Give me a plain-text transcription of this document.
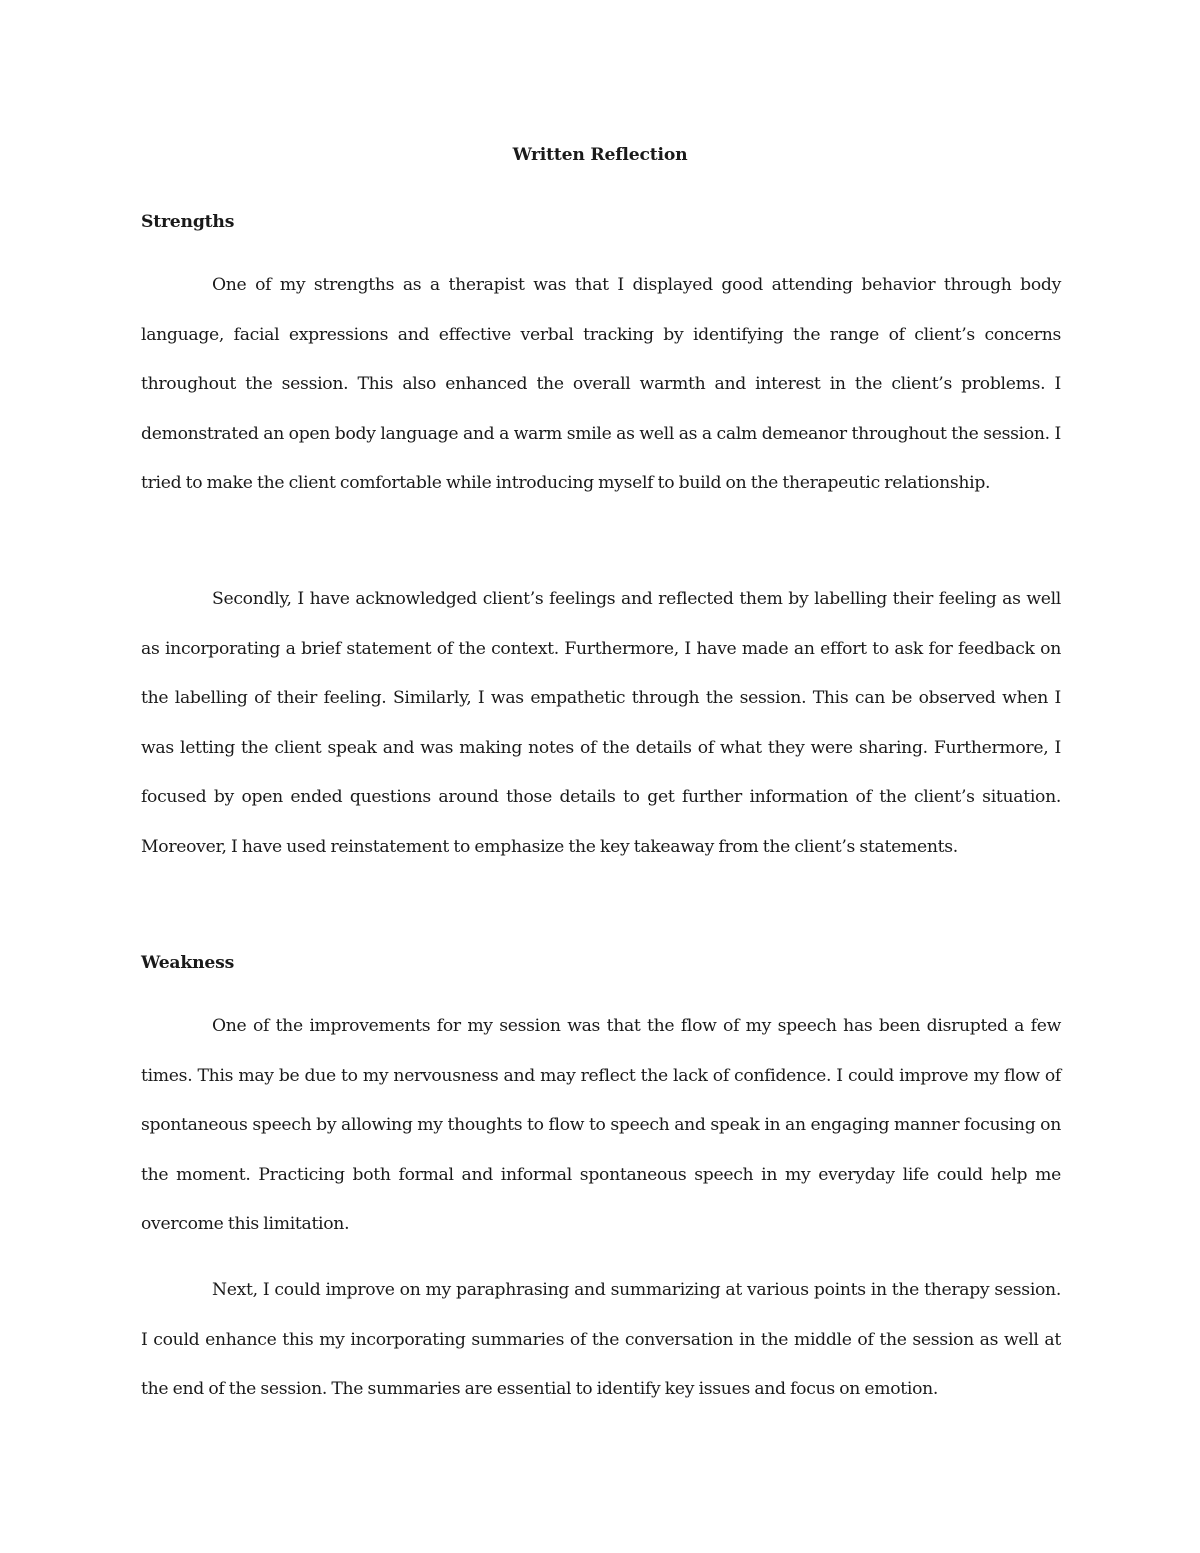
Written Reflection
Strengths

One of my strengths as a therapist was that I displayed good attending behavior through body language, facial expressions and effective verbal tracking by identifying the range of client’s concerns throughout the session. This also enhanced the overall warmth and interest in the client’s problems. I demonstrated an open body language and a warm smile as well as a calm demeanor throughout the session. I tried to make the client comfortable while introducing myself to build on the therapeutic relationship.

Secondly, I have acknowledged client’s feelings and reflected them by labelling their feeling as well as incorporating a brief statement of the context. Furthermore, I have made an effort to ask for feedback on the labelling of their feeling. Similarly, I was empathetic through the session. This can be observed when I was letting the client speak and was making notes of the details of what they were sharing. Furthermore, I focused by open ended questions around those details to get further information of the client’s situation. Moreover, I have used reinstatement to emphasize the key takeaway from the client’s statements.

Weakness

One of the improvements for my session was that the flow of my speech has been disrupted a few times. This may be due to my nervousness and may reflect the lack of confidence. I could improve my flow of spontaneous speech by allowing my thoughts to flow to speech and speak in an engaging manner focusing on the moment. Practicing both formal and informal spontaneous speech in my everyday life could help me overcome this limitation.

Next, I could improve on my paraphrasing and summarizing at various points in the therapy session. I could enhance this my incorporating summaries of the conversation in the middle of the session as well at the end of the session. The summaries are essential to identify key issues and focus on emotion.
